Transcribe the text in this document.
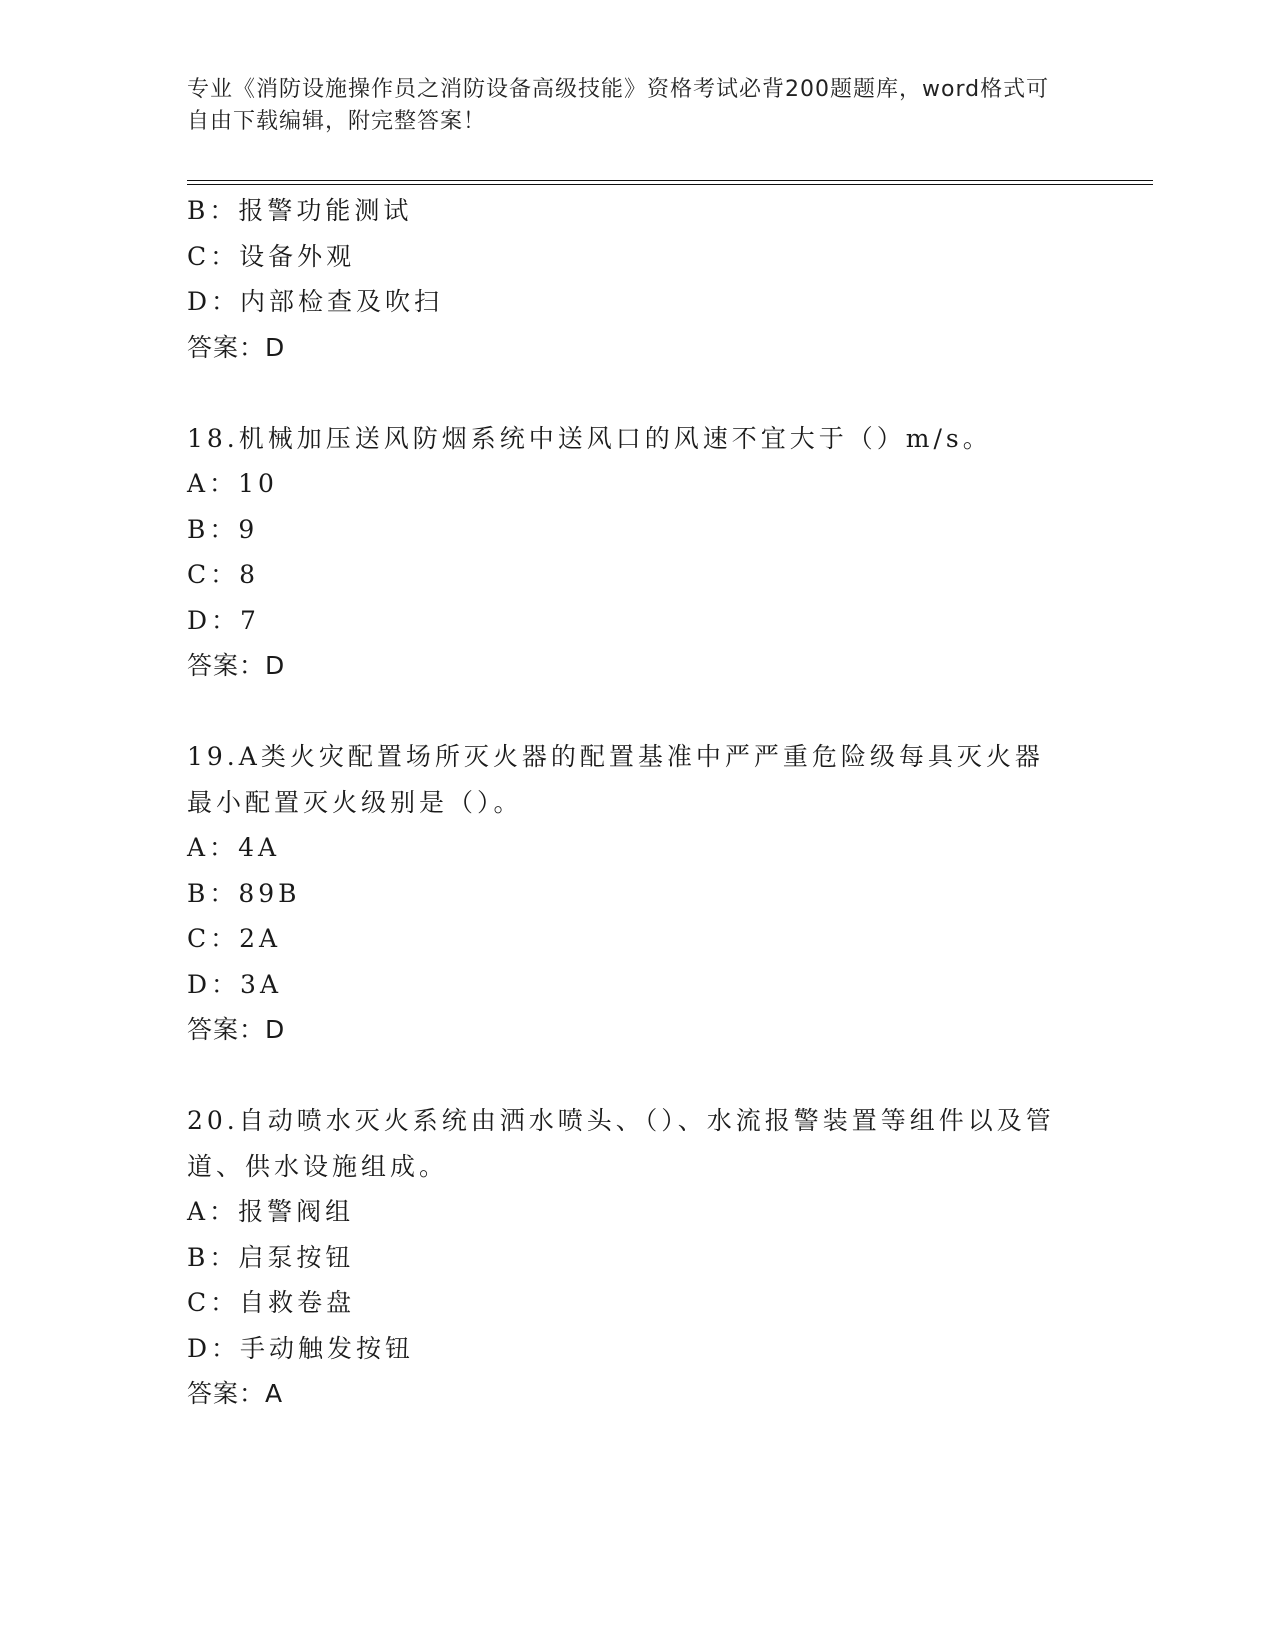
专业《消防设施操作员之消防设备高级技能》资格考试必背200题题库，word格式可自由下载编辑，附完整答案！
B：报警功能测试
C：设备外观
D：内部检查及吹扫
答案：D
18.机械加压送风防烟系统中送风口的风速不宜大于（）m/s。
A：10
B：9
C：8
D：7
答案：D
19.A类火灾配置场所灭火器的配置基准中严严重危险级每具灭火器最小配置灭火级别是（）。
A：4A
B：89B
C：2A
D：3A
答案：D
20.自动喷水灭火系统由洒水喷头、（）、水流报警装置等组件以及管道、供水设施组成。
A：报警阀组
B：启泵按钮
C：自救卷盘
D：手动触发按钮
答案：A
